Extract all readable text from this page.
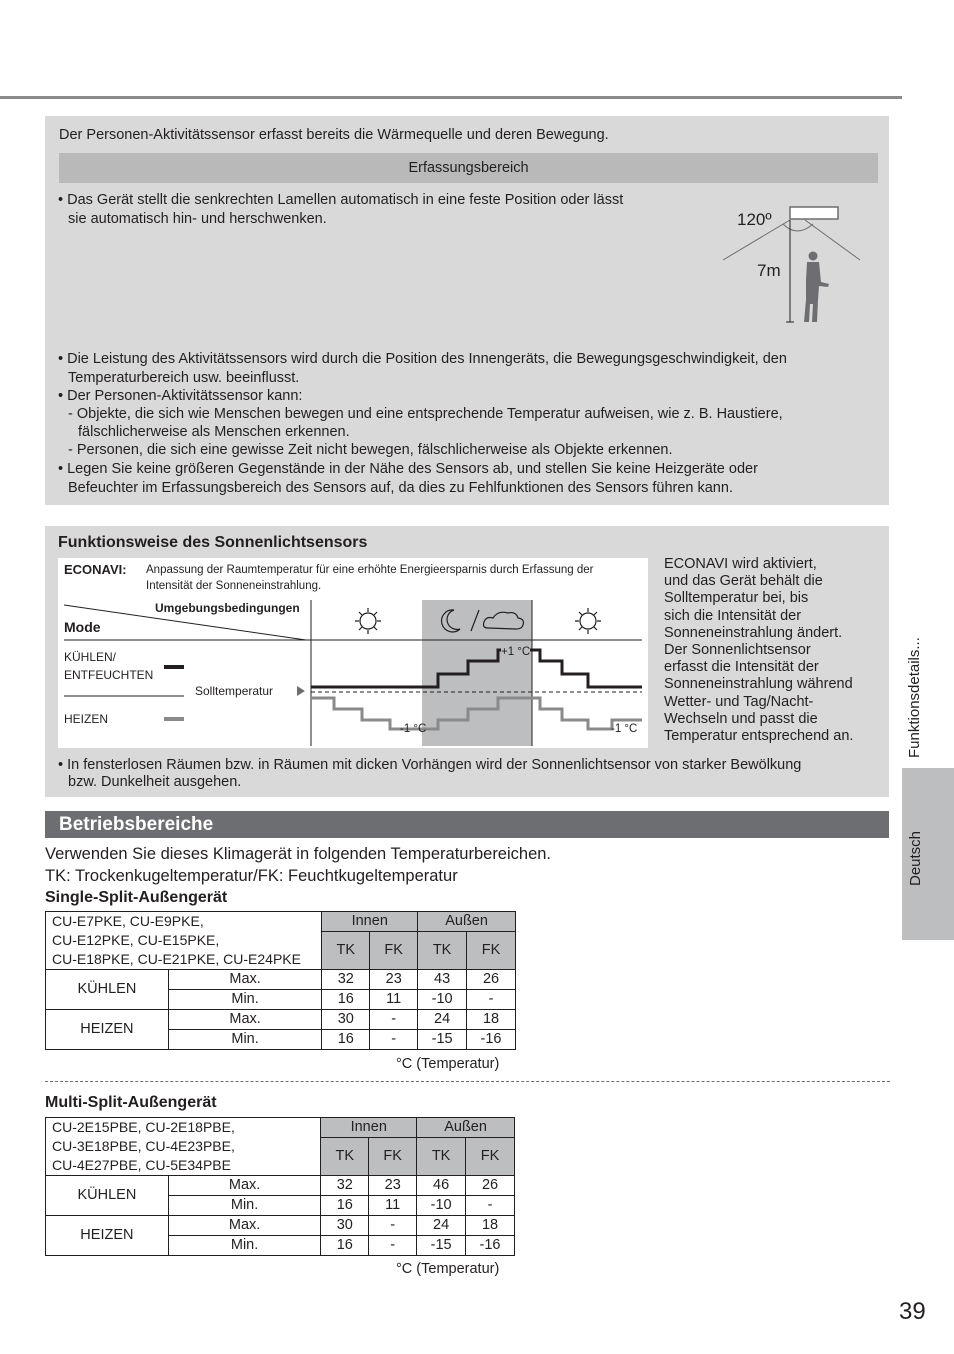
Der Personen-Aktivitätssensor erfasst bereits die Wärmequelle und deren Bewegung.
Erfassungsbereich
• Das Gerät stellt die senkrechten Lamellen automatisch in eine feste Position oder lässt
sie automatisch hin- und herschwenken.	120º
7m
• Die Leistung des Aktivitätssensors wird durch die Position des Innengeräts, die Bewegungsgeschwindigkeit, den
Temperaturbereich usw. beeinflusst.
• Der Personen-Aktivitätssensor kann:
- Objekte, die sich wie Menschen bewegen und eine entsprechende Temperatur aufweisen, wie z. B. Haustiere,
fälschlicherweise als Menschen erkennen.
- Personen, die sich eine gewisse Zeit nicht bewegen, fälschlicherweise als Objekte erkennen.
• Legen Sie keine größeren Gegenstände in der Nähe des Sensors ab, und stellen Sie keine Heizgeräte oder
Befeuchter im Erfassungsbereich des Sensors auf, da dies zu Fehlfunktionen des Sensors führen kann.
Funktionsweise des Sonnenlichtsensors
ECONAVI: Anpassung der Raumtemperatur für eine erhöhte Energieersparnis durch Erfassung der
Intensität der Sonneneinstrahlung.
Umgebungsbedingungen
Mode
KÜHLEN/
ENTFEUCHTEN
Solltemperatur
HEIZEN
+1 °C
-1 °C	-1 °C
ECONAVI wird aktiviert,
und das Gerät behält die
Solltemperatur bei, bis
sich die Intensität der
Sonneneinstrahlung ändert.
Der Sonnenlichtsensor
erfasst die Intensität der
Sonneneinstrahlung während
Wetter- und Tag/Nacht-
Wechseln und passt die
Temperatur entsprechend an.
• In fensterlosen Räumen bzw. in Räumen mit dicken Vorhängen wird der Sonnenlichtsensor von starker Bewölkung
bzw. Dunkelheit ausgehen.
Betriebsbereiche
Verwenden Sie dieses Klimagerät in folgenden Temperaturbereichen.
TK: Trockenkugeltemperatur/FK: Feuchtkugeltemperatur
Single-Split-Außengerät
CU-E7PKE, CU-E9PKE,
CU-E12PKE, CU-E15PKE,
CU-E18PKE, CU-E21PKE, CU-E24PKE		Innen		Außen	
		TK	FK	TK	FK
KÜHLEN	Max.	32	23	43	26
	Min.	16	11	-10	-
HEIZEN	Max.	30	-	24	18
	Min.	16	-	-15	-16
°C (Temperatur)
Multi-Split-Außengerät
CU-2E15PBE, CU-2E18PBE,
CU-3E18PBE, CU-4E23PBE,
CU-4E27PBE, CU-5E34PBE		Innen		Außen	
		TK	FK	TK	FK
KÜHLEN	Max.	32	23	46	26
	Min.	16	11	-10	-
HEIZEN	Max.	30	-	24	18
	Min.	16	-	-15	-16
°C (Temperatur)
Funktionsdetails...
Deutsch
39
